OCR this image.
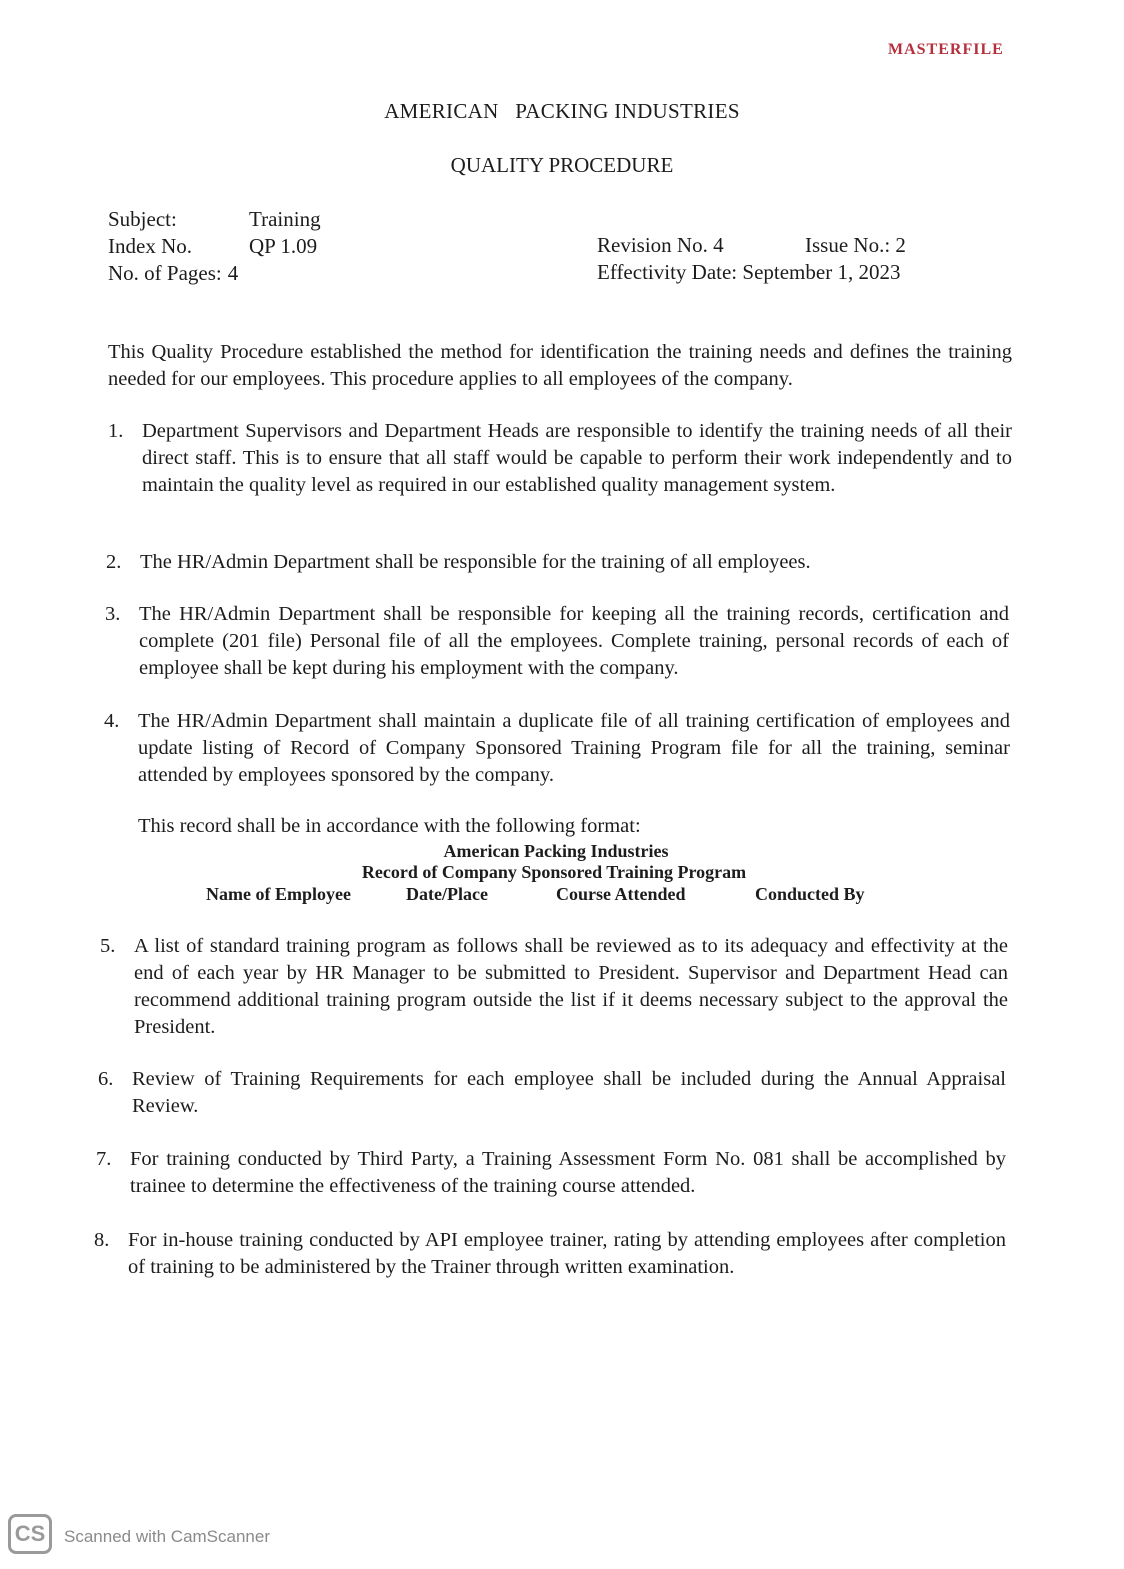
MASTERFILE
AMERICAN   PACKING INDUSTRIES
QUALITY PROCEDURE
Subject:	Training
Index No.	QP 1.09
No. of Pages: 4
Revision No. 4	Issue No.: 2
Effectivity Date: September 1, 2023
This Quality Procedure established the method for identification the training needs and defines the training needed for our employees. This procedure applies to all employees of the company.
1. Department Supervisors and Department Heads are responsible to identify the training needs of all their direct staff. This is to ensure that all staff would be capable to perform their work independently and to maintain the quality level as required in our established quality management system.
2. The HR/Admin Department shall be responsible for the training of all employees.
3. The HR/Admin Department shall be responsible for keeping all the training records, certification and complete (201 file) Personal file of all the employees. Complete training, personal records of each of employee shall be kept during his employment with the company.
4. The HR/Admin Department shall maintain a duplicate file of all training certification of employees and update listing of Record of Company Sponsored Training Program file for all the training, seminar attended by employees sponsored by the company.
This record shall be in accordance with the following format:
American Packing Industries
Record of Company Sponsored Training Program
Name of Employee	Date/Place	Course Attended	Conducted By
5. A list of standard training program as follows shall be reviewed as to its adequacy and effectivity at the end of each year by HR Manager to be submitted to President. Supervisor and Department Head can recommend additional training program outside the list if it deems necessary subject to the approval the President.
6. Review of Training Requirements for each employee shall be included during the Annual Appraisal Review.
7. For training conducted by Third Party, a Training Assessment Form No. 081 shall be accomplished by trainee to determine the effectiveness of the training course attended.
8. For in-house training conducted by API employee trainer, rating by attending employees after completion of training to be administered by the Trainer through written examination.
CS	Scanned with CamScanner
